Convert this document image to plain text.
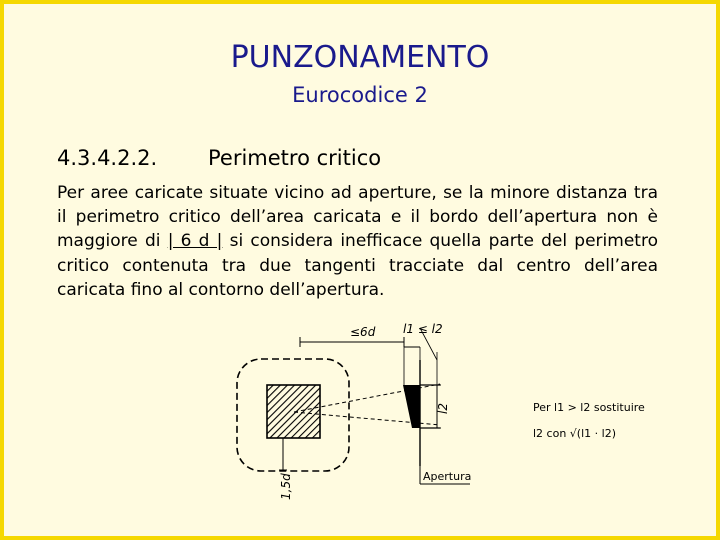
PUNZONAMENTO
Eurocodice 2
4.3.4.2.2. Perimetro critico
Per aree caricate situate vicino ad aperture, se la minore distanza tra il perimetro critico dell’area caricata e il bordo dell’apertura non è maggiore di | 6 d | si considera inefficace quella parte del perimetro critico contenuta tra due tangenti tracciate dal centro dell’area caricata fino al contorno dell’apertura.
≤6d l1 ≤ l2
l2
1,5d	Apertura
Per l1 > l2 sostituire
l2 con √(l1 · l2)
